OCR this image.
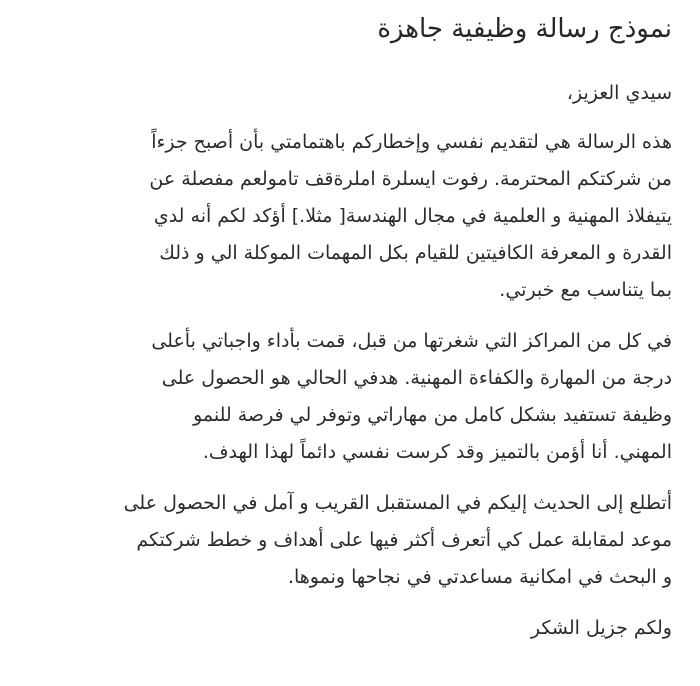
نموذج رسالة وظيفية جاهزة

سيدي العزيز،

هذه الرسالة هي لتقديم نفسي وإخطاركم باهتمامتي بأن أصبح جزءاً
من شركتكم المحترمة. رفوت ايسلرة املرةقف تامولعم مفصلة عن
يتيفلاذ المهنية و العلمية في مجال الهندسة[ مثلا.] أؤكد لكم أنه لدي
القدرة و المعرفة الكافيتين للقيام بكل المهمات الموكلة الي و ذلك
بما يتناسب مع خبرتي.
في كل من المراكز التي شغرتها من قبل، قمت بأداء واجباتي بأعلى
درجة من المهارة والكفاءة المهنية. هدفي الحالي هو الحصول على
وظيفة تستفيد بشكل كامل من مهاراتي وتوفر لي فرصة للنمو
المهني. أنا أؤمن بالتميز وقد كرست نفسي دائماً لهذا الهدف.
أتطلع إلى الحديث إليكم في المستقبل القريب و آمل في الحصول على
موعد لمقابلة عمل كي أتعرف أكثر فيها على أهداف و خطط شركتكم
و البحث في امكانية مساعدتي في نجاحها ونموها.

ولكم جزيل الشكر
